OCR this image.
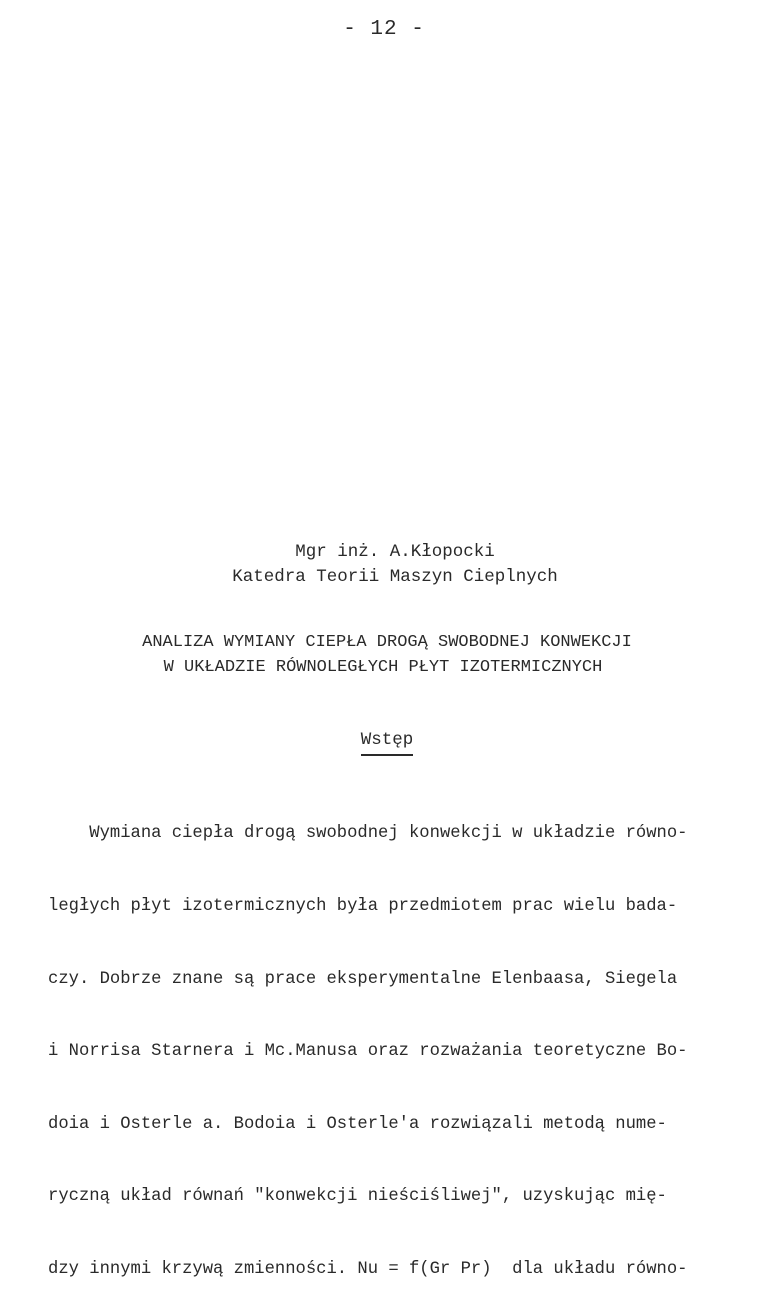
- 12 -
Mgr inż. A.Kłopocki
Katedra Teorii Maszyn Cieplnych
ANALIZA WYMIANY CIEPŁA DROGĄ SWOBODNEJ KONWEKCJI
W UKŁADZIE RÓWNOLEGŁYCH PŁYT IZOTERMICZNYCH
Wstęp

Wymiana ciepła drogą swobodnej konwekcji w układzie równo-

ległych płyt izotermicznych była przedmiotem prac wielu bada-

czy. Dobrze znane są prace eksperymentalne Elenbaasa, Siegela

i Norrisa Starnera i Mc.Manusa oraz rozważania teoretyczne Bo-

doia i Osterle a. Bodoia i Osterle'a rozwiązali metodą nume-

ryczną układ równań "konwekcji nieściśliwej", uzyskując mię-

dzy innymi krzywą zmienności. Nu = f(Gr Pr)  dla układu równo-
